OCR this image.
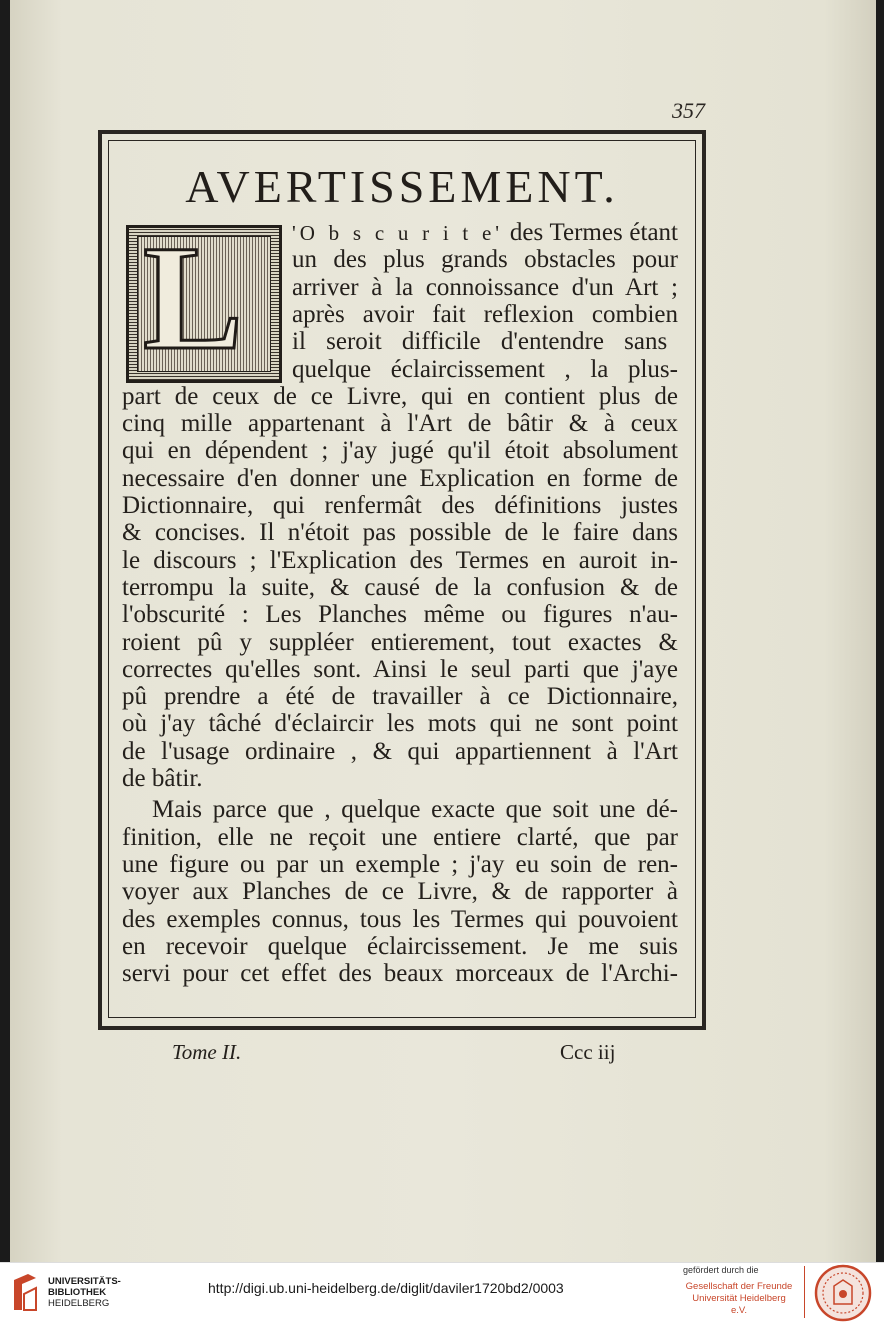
357
AVERTISSEMENT.
L 'O b s c u r i t e' des Termes étant
un des plus grands obstacles pour
arriver à la connoissance d'un Art ;
après avoir fait reflexion combien
il seroit difficile d'entendre sans
quelque éclaircissement , la plus-
part de ceux de ce Livre, qui en contient plus de
cinq mille appartenant à l'Art de bâtir & à ceux
qui en dépendent ; j'ay jugé qu'il étoit absolument
necessaire d'en donner une Explication en forme de
Dictionnaire, qui renfermât des définitions justes
& concises. Il n'étoit pas possible de le faire dans
le discours ; l'Explication des Termes en auroit in-
terrompu la suite, & causé de la confusion & de
l'obscurité : Les Planches même ou figures n'au-
roient pû y suppléer entierement, tout exactes &
correctes qu'elles sont. Ainsi le seul parti que j'aye
pû prendre a été de travailler à ce Dictionnaire,
où j'ay tâché d'éclaircir les mots qui ne sont point
de l'usage ordinaire , & qui appartiennent à l'Art
de bâtir.
Mais parce que , quelque exacte que soit une dé-
finition, elle ne reçoit une entiere clarté, que par
une figure ou par un exemple ; j'ay eu soin de ren-
voyer aux Planches de ce Livre, & de rapporter à
des exemples connus, tous les Termes qui pouvoient
en recevoir quelque éclaircissement. Je me suis
servi pour cet effet des beaux morceaux de l'Archi-
Tome II.	Ccc iij
UNIVERSITÄTS-
BIBLIOTHEK
HEIDELBERG
http://digi.ub.uni-heidelberg.de/diglit/daviler1720bd2/0003
gefördert durch die
Gesellschaft der Freunde
Universität Heidelberg e.V.
